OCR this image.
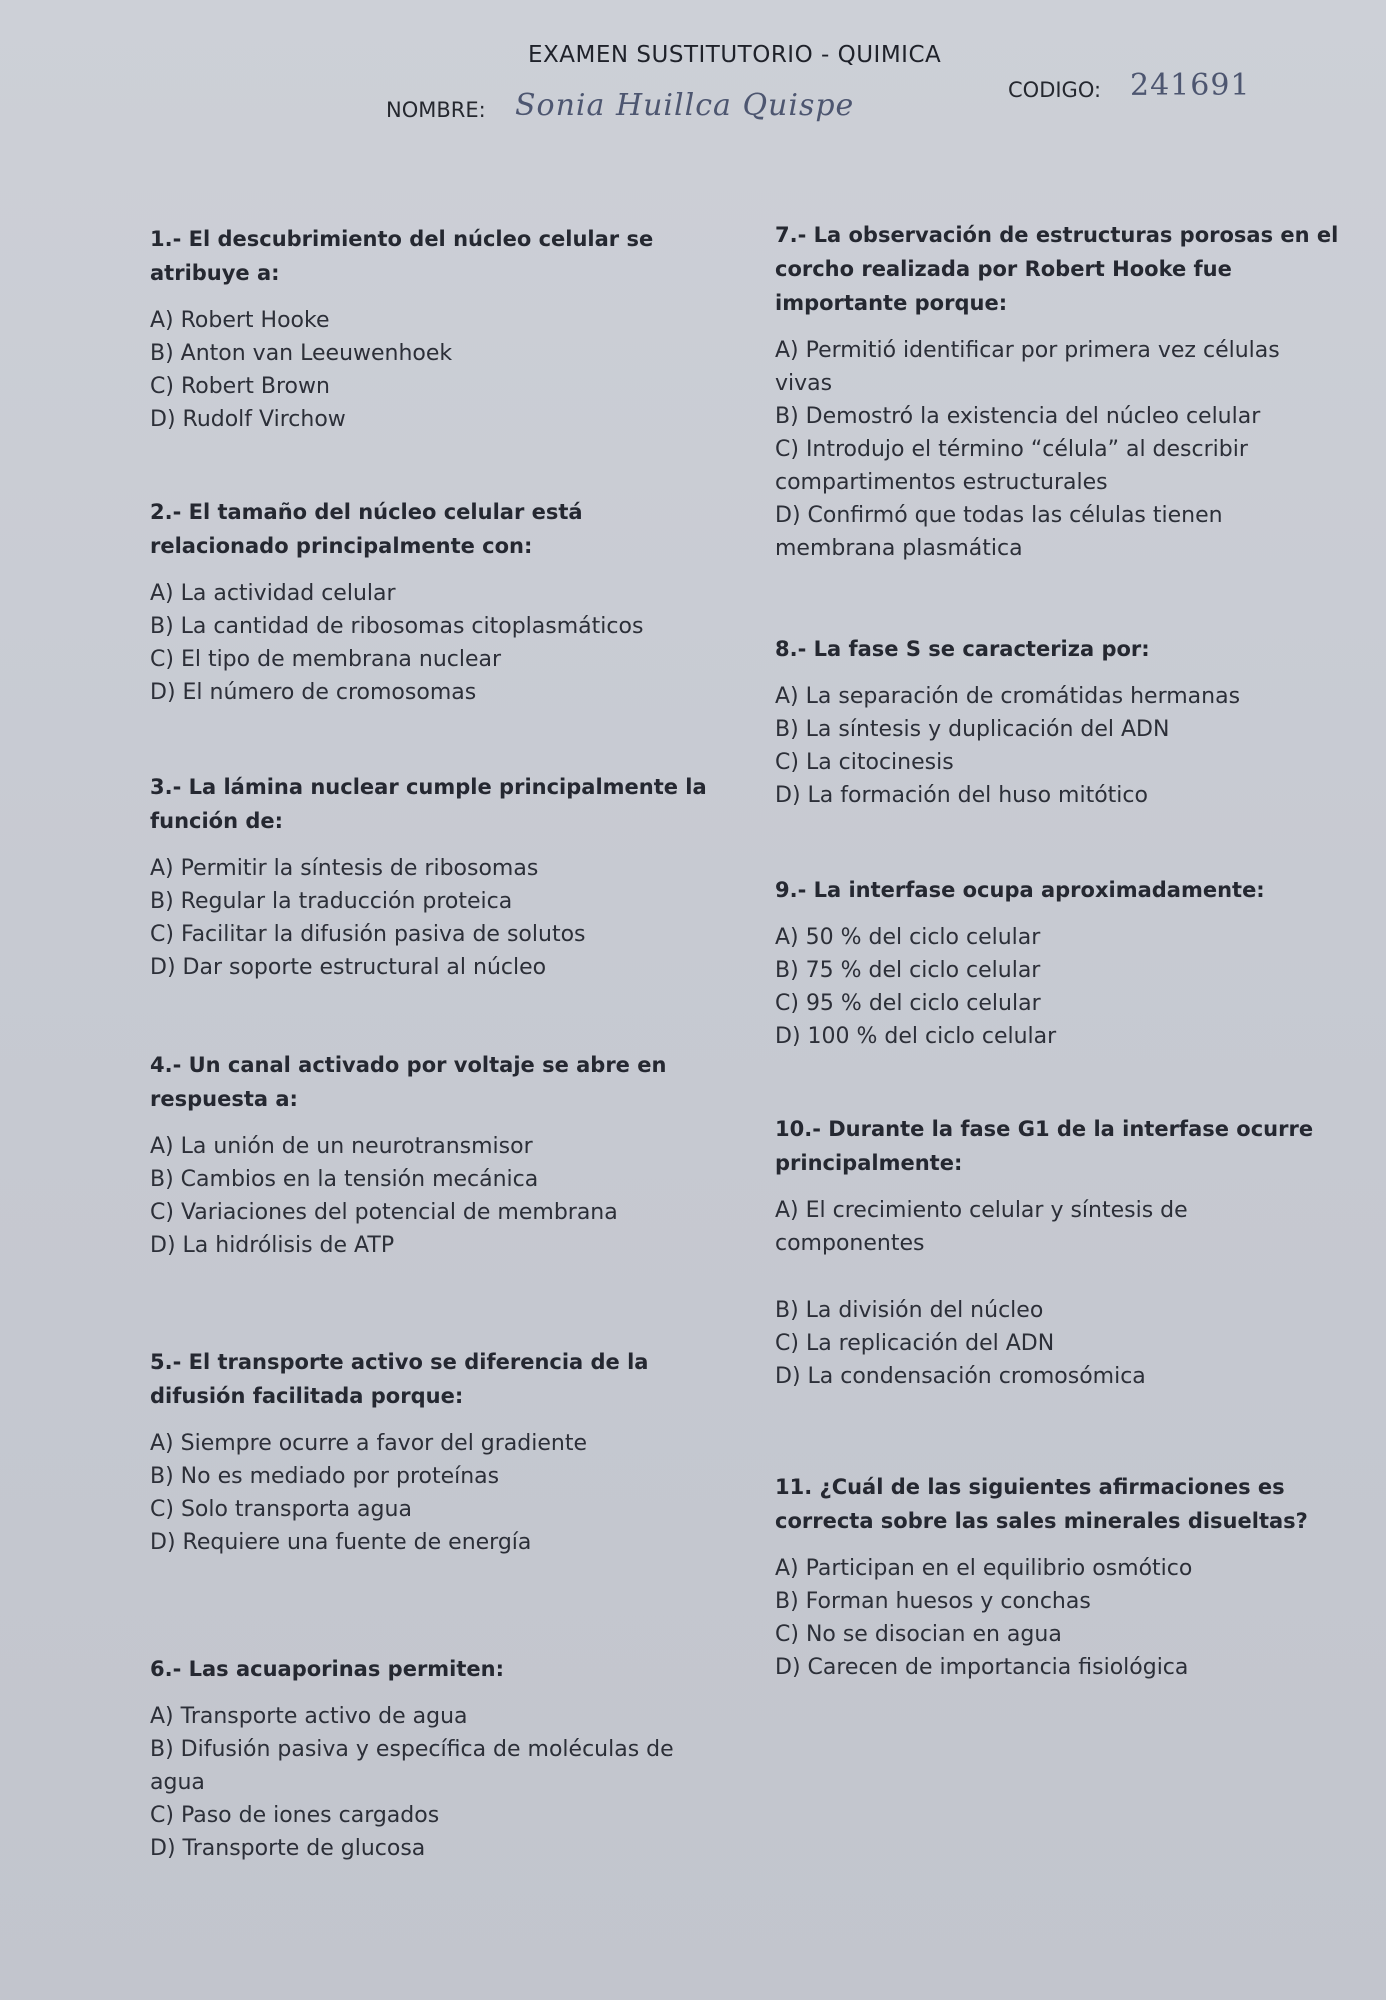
EXAMEN SUSTITUTORIO - QUIMICA
NOMBRE: Sonia Huillca Quispe	CODIGO: 241691
1.- El descubrimiento del núcleo celular se
atribuye a:
A) Robert Hooke
B) Anton van Leeuwenhoek
C) Robert Brown
D) Rudolf Virchow
2.- El tamaño del núcleo celular está
relacionado principalmente con:
A) La actividad celular
B) La cantidad de ribosomas citoplasmáticos
C) El tipo de membrana nuclear
D) El número de cromosomas
3.- La lámina nuclear cumple principalmente la
función de:
A) Permitir la síntesis de ribosomas
B) Regular la traducción proteica
C) Facilitar la difusión pasiva de solutos
D) Dar soporte estructural al núcleo
4.- Un canal activado por voltaje se abre en
respuesta a:
A) La unión de un neurotransmisor
B) Cambios en la tensión mecánica
C) Variaciones del potencial de membrana
D) La hidrólisis de ATP
5.- El transporte activo se diferencia de la
difusión facilitada porque:
A) Siempre ocurre a favor del gradiente
B) No es mediado por proteínas
C) Solo transporta agua
D) Requiere una fuente de energía
6.- Las acuaporinas permiten:
A) Transporte activo de agua
B) Difusión pasiva y específica de moléculas de
agua
C) Paso de iones cargados
D) Transporte de glucosa
7.- La observación de estructuras porosas en el
corcho realizada por Robert Hooke fue
importante porque:
A) Permitió identificar por primera vez células
vivas
B) Demostró la existencia del núcleo celular
C) Introdujo el término “célula” al describir
compartimentos estructurales
D) Confirmó que todas las células tienen
membrana plasmática
8.- La fase S se caracteriza por:
A) La separación de cromátidas hermanas
B) La síntesis y duplicación del ADN
C) La citocinesis
D) La formación del huso mitótico
9.- La interfase ocupa aproximadamente:
A) 50 % del ciclo celular
B) 75 % del ciclo celular
C) 95 % del ciclo celular
D) 100 % del ciclo celular
10.- Durante la fase G1 de la interfase ocurre
principalmente:
A) El crecimiento celular y síntesis de
componentes
B) La división del núcleo
C) La replicación del ADN
D) La condensación cromosómica
11. ¿Cuál de las siguientes afirmaciones es
correcta sobre las sales minerales disueltas?
A) Participan en el equilibrio osmótico
B) Forman huesos y conchas
C) No se disocian en agua
D) Carecen de importancia fisiológica
